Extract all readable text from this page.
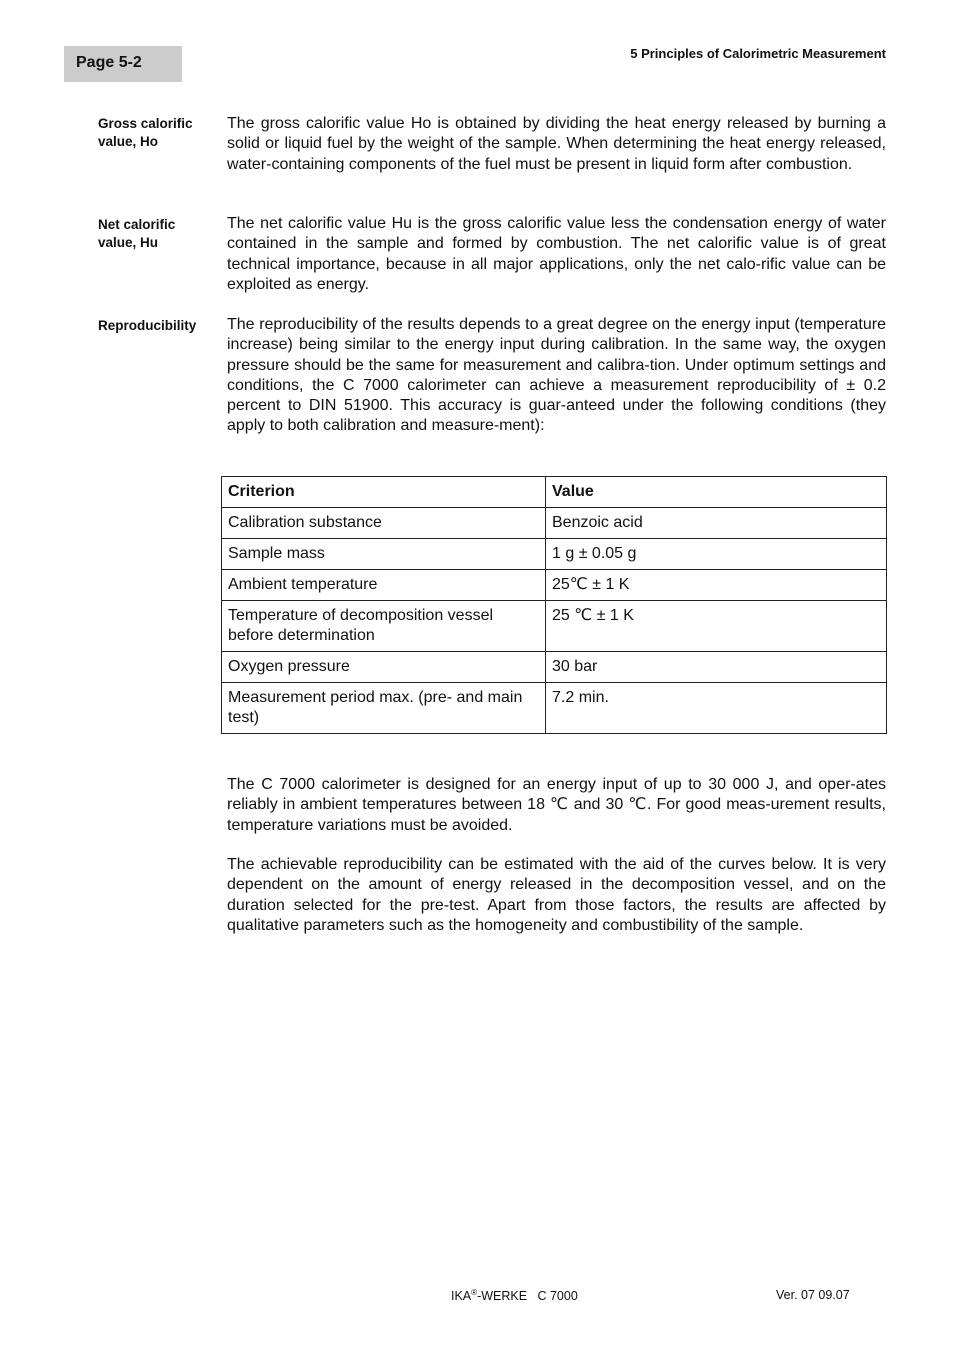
Page 5-2
5 Principles of Calorimetric Measurement
Gross calorific value, Ho
The gross calorific value Ho is obtained by dividing the heat energy released by burning a solid or liquid fuel by the weight of the sample. When determining the heat energy released, water-containing components of the fuel must be present in liquid form after combustion.
Net calorific value, Hu
The net calorific value Hu is the gross calorific value less the condensation energy of water contained in the sample and formed by combustion. The net calorific value is of great technical importance, because in all major applications, only the net calo-rific value can be exploited as energy.
Reproducibility	The reproducibility of the results depends to a great degree on the energy input (temperature increase) being similar to the energy input during calibration. In the same way, the oxygen pressure should be the same for measurement and calibra-tion. Under optimum settings and conditions, the C 7000 calorimeter can achieve a measurement reproducibility of ± 0.2 percent to DIN 51900. This accuracy is guar-anteed under the following conditions (they apply to both calibration and measure-ment):
Criterion	Value
Calibration substance	Benzoic acid
Sample mass	1 g ± 0.05 g
Ambient temperature	25℃ ± 1 K
Temperature of decomposition vessel before determination	25 ℃ ± 1 K
Oxygen pressure	30 bar
Measurement period max. (pre- and main test)	7.2 min.
The C 7000 calorimeter is designed for an energy input of up to 30 000 J, and oper-ates reliably in ambient temperatures between 18 ℃ and 30 ℃. For good meas-urement results, temperature variations must be avoided.
The achievable reproducibility can be estimated with the aid of the curves below. It is very dependent on the amount of energy released in the decomposition vessel, and on the duration selected for the pre-test. Apart from those factors, the results are affected by qualitative parameters such as the homogeneity and combustibility of the sample.
IKA®-WERKE   C 7000	Ver. 07 09.07
